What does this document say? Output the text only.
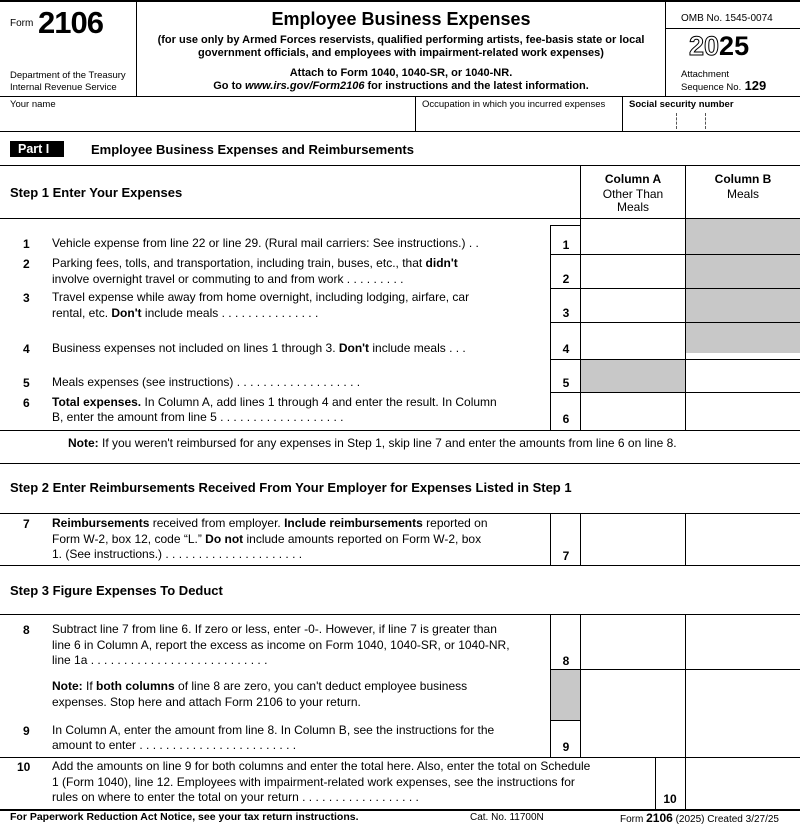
Form 2106
Department of the Treasury
Internal Revenue Service
Employee Business Expenses
(for use only by Armed Forces reservists, qualified performing artists, fee-basis state or local
government officials, and employees with impairment-related work expenses)
Attach to Form 1040, 1040-SR, or 1040-NR.
Go to www.irs.gov/Form2106 for instructions and the latest information.
OMB No. 1545-0074
2025
Attachment
Sequence No. 129
Your name	Occupation in which you incurred expenses	Social security number
Part I	Employee Business Expenses and Reimbursements
Step 1 Enter Your Expenses
Column A
Other Than
Meals
Column B
Meals
1 Vehicle expense from line 22 or line 29. (Rural mail carriers: See instructions.) . .	1
2 Parking fees, tolls, and transportation, including train, buses, etc., that didn't
involve overnight travel or commuting to and from work . . . . . . . . .	2
3 Travel expense while away from home overnight, including lodging, airfare, car
rental, etc. Don't include meals . . . . . . . . . . . . . . .	3
4 Business expenses not included on lines 1 through 3. Don't include meals . . .	4
5 Meals expenses (see instructions) . . . . . . . . . . . . . . . . . . .	5
6 Total expenses. In Column A, add lines 1 through 4 and enter the result. In Column
B, enter the amount from line 5 . . . . . . . . . . . . . . . . . . .	6
Note: If you weren't reimbursed for any expenses in Step 1, skip line 7 and enter the amounts from line 6 on line 8.
Step 2 Enter Reimbursements Received From Your Employer for Expenses Listed in Step 1
7 Reimbursements received from employer. Include reimbursements reported on
Form W-2, box 12, code “L.” Do not include amounts reported on Form W-2, box
1. (See instructions.) . . . . . . . . . . . . . . . . . . . . .	7
Step 3 Figure Expenses To Deduct
8 Subtract line 7 from line 6. If zero or less, enter -0-. However, if line 7 is greater than
line 6 in Column A, report the excess as income on Form 1040, 1040-SR, or 1040-NR,
line 1a . . . . . . . . . . . . . . . . . . . . . . . . . . .	8
Note: If both columns of line 8 are zero, you can't deduct employee business
expenses. Stop here and attach Form 2106 to your return.
9 In Column A, enter the amount from line 8. In Column B, see the instructions for the
amount to enter . . . . . . . . . . . . . . . . . . . . . . . .	9
10 Add the amounts on line 9 for both columns and enter the total here. Also, enter the total on Schedule
1 (Form 1040), line 12. Employees with impairment-related work expenses, see the instructions for
rules on where to enter the total on your return . . . . . . . . . . . . . . . . . .	10
For Paperwork Reduction Act Notice, see your tax return instructions.	Cat. No. 11700N	Form 2106 (2025) Created 3/27/25
